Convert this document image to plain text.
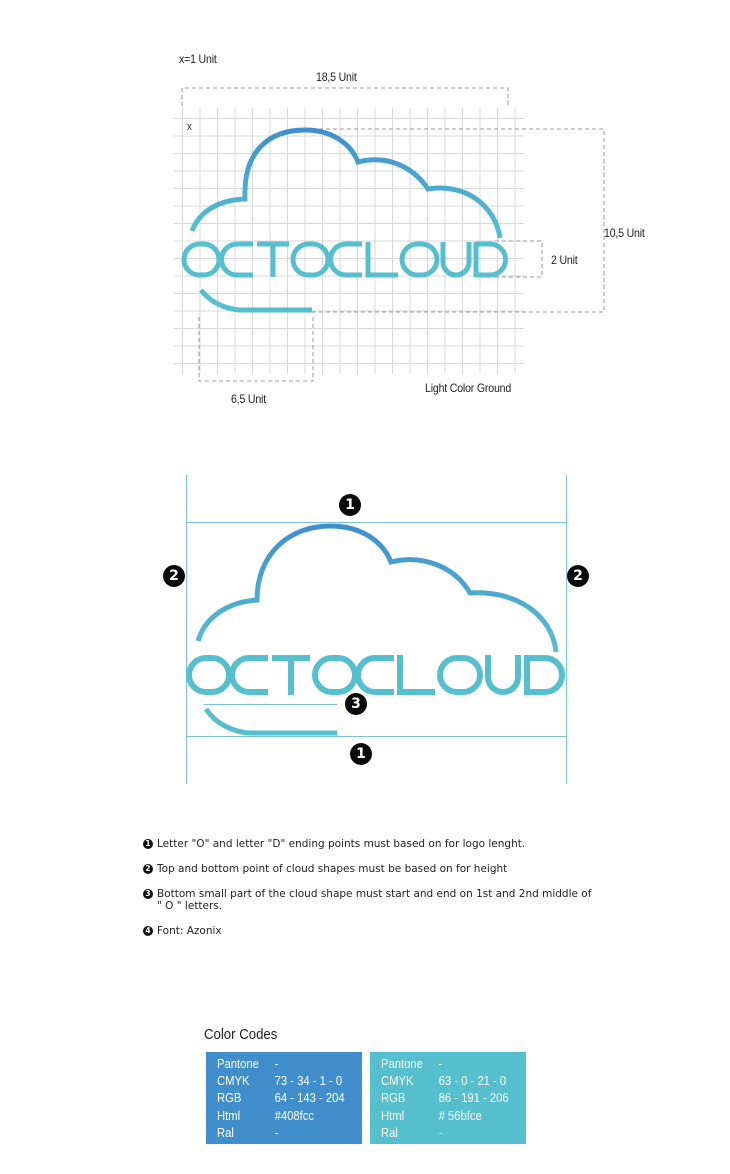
x=1 Unit
18,5 Unit
x
10,5 Unit
2 Unit
6,5 Unit
Light Color Ground
1
2	2
3
1
1 Letter "O" and letter "D" ending points must based on for logo lenght.
2 Top and bottom point of cloud shapes must be based on for height
3 Bottom small part of the cloud shape must start and end on 1st and 2nd middle of " O " letters.
4 Font: Azonix
Color Codes
Pantone	-
CMYK	73 - 34 - 1 - 0
RGB	64 - 143 - 204
Html	#408fcc
Ral	-
Pantone	-
CMYK	63 - 0 - 21 - 0
RGB	86 - 191 - 206
Html	# 56bfce
Ral	-
